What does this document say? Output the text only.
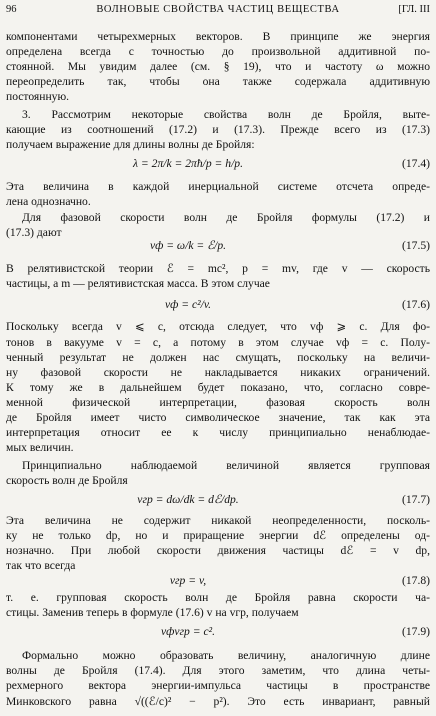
96	ВОЛНОВЫЕ СВОЙСТВА ЧАСТИЦ ВЕЩЕСТВА	[ГЛ. III
компонентами четырехмерных векторов. В принципе же энергия
определена всегда с точностью до произвольной аддитивной по-
стоянной. Мы увидим далее (см. § 19), что и частоту ω можно
переопределить так, чтобы она также содержала аддитивную
постоянную.
3. Рассмотрим некоторые свойства волн де Бройля, выте-
кающие из соотношений (17.2) и (17.3). Прежде всего из (17.3)
получаем выражение для длины волны де Бройля:
λ = 2π/k = 2πħ/p = h/p.	(17.4)
Эта величина в каждой инерциальной системе отсчета опреде-
лена однозначно.
Для фазовой скорости волн де Бройля формулы (17.2) и
(17.3) дают
vф = ω/k = ℰ/p.	(17.5)
В релятивистской теории ℰ = mc², p = mv, где v — скорость
частицы, а m — релятивистская масса. В этом случае
vф = c²/v.	(17.6)
Поскольку всегда v ⩽ c, отсюда следует, что vф ⩾ c. Для фо-
тонов в вакууме v = c, а потому в этом случае vф = c. Полу-
ченный результат не должен нас смущать, поскольку на величи-
ну фазовой скорости не накладывается никаких ограничений.
К тому же в дальнейшем будет показано, что, согласно совре-
менной физической интерпретации, фазовая скорость волн
де Бройля имеет чисто символическое значение, так как эта
интерпретация относит ее к числу принципиально ненаблюдае-
мых величин.
Принципиально наблюдаемой величиной является групповая
скорость волн де Бройля
vгр = dω/dk = dℰ/dp.	(17.7)
Эта величина не содержит никакой неопределенности, посколь-
ку не только dp, но и приращение энергии dℰ определены од-
нозначно. При любой скорости движения частицы dℰ = v dp,
так что всегда
vгр = v,	(17.8)
т. е. групповая скорость волн де Бройля равна скорости ча-
стицы. Заменив теперь в формуле (17.6) v на vгр, получаем
vфvгр = c².	(17.9)
Формально можно образовать величину, аналогичную длине
волны де Бройля (17.4). Для этого заметим, что длина четы-
рехмерного вектора энергии-импульса частицы в пространстве
Минковского равна √((ℰ/c)² − p²). Это есть инвариант, равный
